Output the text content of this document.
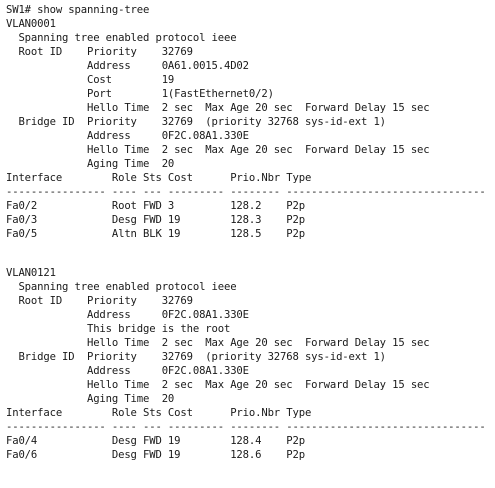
SW1# show spanning-tree

VLAN0001

Spanning tree enabled protocol ieee

Root ID    Priority    32769

Address     0A61.0015.4D02

Cost        19

Port        1(FastEthernet0/2)

Hello Time  2 sec  Max Age 20 sec  Forward Delay 15 sec

Bridge ID  Priority    32769  (priority 32768 sys-id-ext 1)

Address     0F2C.08A1.330E

Hello Time  2 sec  Max Age 20 sec  Forward Delay 15 sec

Aging Time  20

Interface        Role Sts Cost      Prio.Nbr Type

---------------- ---- --- --------- -------- --------------------------------

Fa0/2            Root FWD 3         128.2    P2p

Fa0/3            Desg FWD 19        128.3    P2p

Fa0/5            Altn BLK 19        128.5    P2p

VLAN0121

Spanning tree enabled protocol ieee

Root ID    Priority    32769

Address     0F2C.08A1.330E

This bridge is the root

Hello Time  2 sec  Max Age 20 sec  Forward Delay 15 sec

Bridge ID  Priority    32769  (priority 32768 sys-id-ext 1)

Address     0F2C.08A1.330E

Hello Time  2 sec  Max Age 20 sec  Forward Delay 15 sec

Aging Time  20

Interface        Role Sts Cost      Prio.Nbr Type

---------------- ---- --- --------- -------- --------------------------------

Fa0/4            Desg FWD 19        128.4    P2p

Fa0/6            Desg FWD 19        128.6    P2p
